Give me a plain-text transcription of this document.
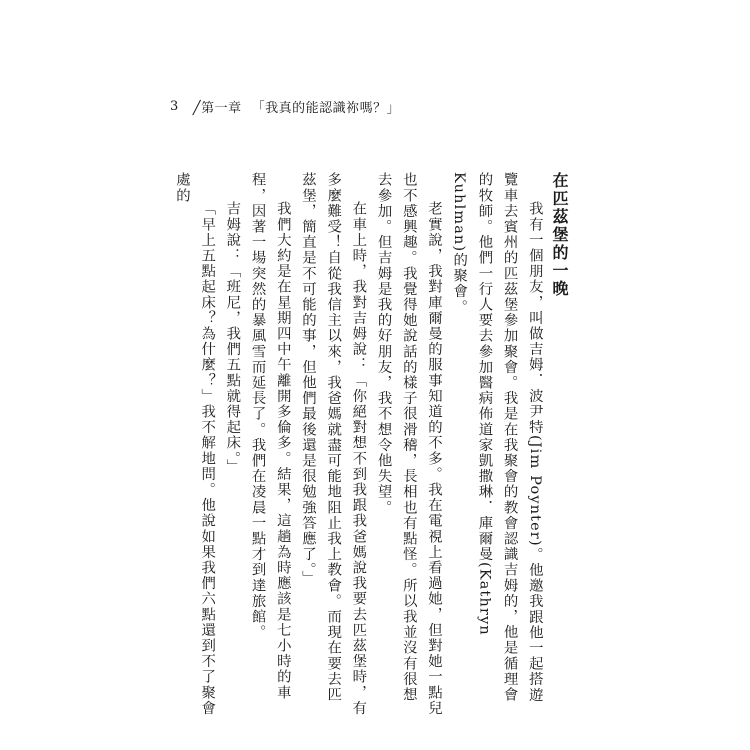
3 ╱第一章 「我真的能認識祢嗎？」
在匹茲堡的一晚

我有一個朋友，叫做吉姆．波尹特(Jim Poynter)。他邀我跟他一起搭遊覽車去賓州的匹茲堡參加聚會。我是在我聚會的教會認識吉姆的，他是循理會的牧師。他們一行人要去參加醫病佈道家凱撒琳．庫爾曼(Kathryn Kuhlman)的聚會。

老實說，我對庫爾曼的服事知道的不多。我在電視上看過她，但對她一點兒也不感興趣。我覺得她說話的樣子很滑稽，長相也有點怪。所以我並沒有很想去參加。但吉姆是我的好朋友，我不想令他失望。

在車上時，我對吉姆說：「你絕對想不到我跟我爸媽說我要去匹茲堡時，有多麼難受！自從我信主以來，我爸媽就盡可能地阻止我上教會。而現在要去匹茲堡，簡直是不可能的事，但他們最後還是很勉強答應了。」

我們大約是在星期四中午離開多倫多。結果，這趟為時應該是七小時的車程，因著一場突然的暴風雪而延長了。我們在凌晨一點才到達旅館。

吉姆說：「班尼，我們五點就得起床。」

「早上五點起床？為什麼？」我不解地問。他說如果我們六點還到不了聚會處的
